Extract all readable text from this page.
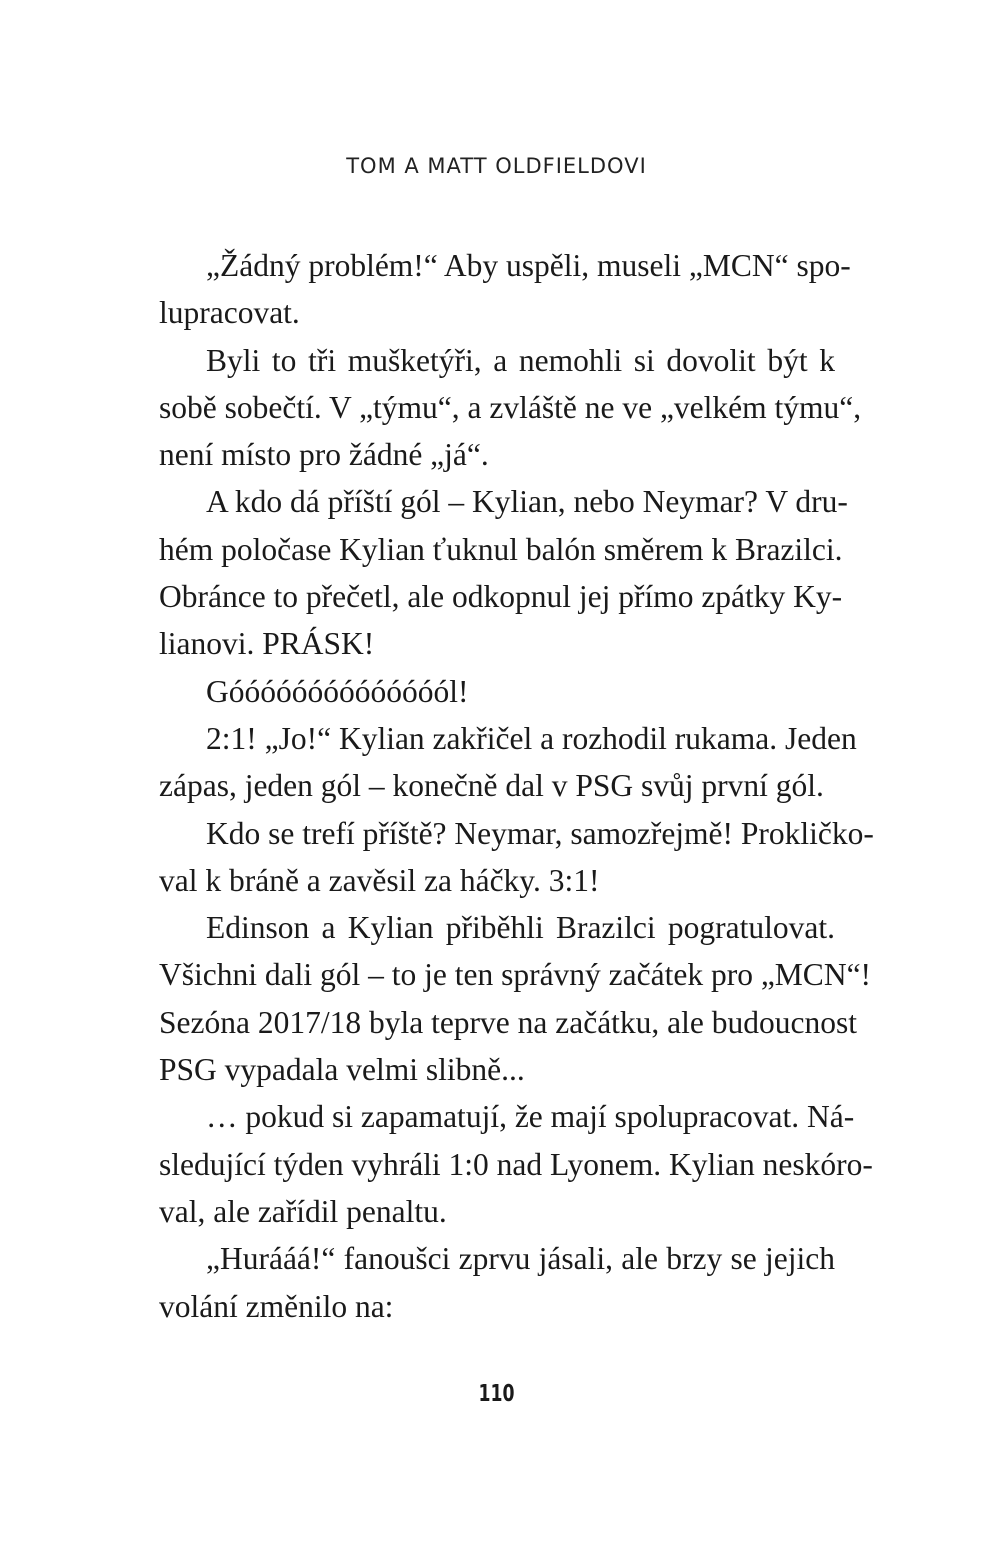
TOM A MATT OLDFIELDOVI
„Žádný problém!“ Aby uspěli, museli „MCN“ spo-
lupracovat.
Byli to tři mušketýři, a nemohli si dovolit být k
sobě sobečtí. V „týmu“, a zvláště ne ve „velkém týmu“,
není místo pro žádné „já“.
A kdo dá příští gól – Kylian, nebo Neymar? V dru-
hém poločase Kylian ťuknul balón směrem k Brazilci.
Obránce to přečetl, ale odkopnul jej přímo zpátky Ky-
lianovi. PRÁSK!
Góóóóóóóóóóóóóól!
2:1! „Jo!“ Kylian zakřičel a rozhodil rukama. Jeden
zápas, jeden gól – konečně dal v PSG svůj první gól.
Kdo se trefí příště? Neymar, samozřejmě! Prokličko-
val k bráně a zavěsil za háčky. 3:1!
Edinson a Kylian přiběhli Brazilci pogratulovat.
Všichni dali gól – to je ten správný začátek pro „MCN“!
Sezóna 2017/18 byla teprve na začátku, ale budoucnost
PSG vypadala velmi slibně...
… pokud si zapamatují, že mají spolupracovat. Ná-
sledující týden vyhráli 1:0 nad Lyonem. Kylian neskóro-
val, ale zařídil penaltu.
„Hurááá!“ fanoušci zprvu jásali, ale brzy se jejich
volání změnilo na:
110
